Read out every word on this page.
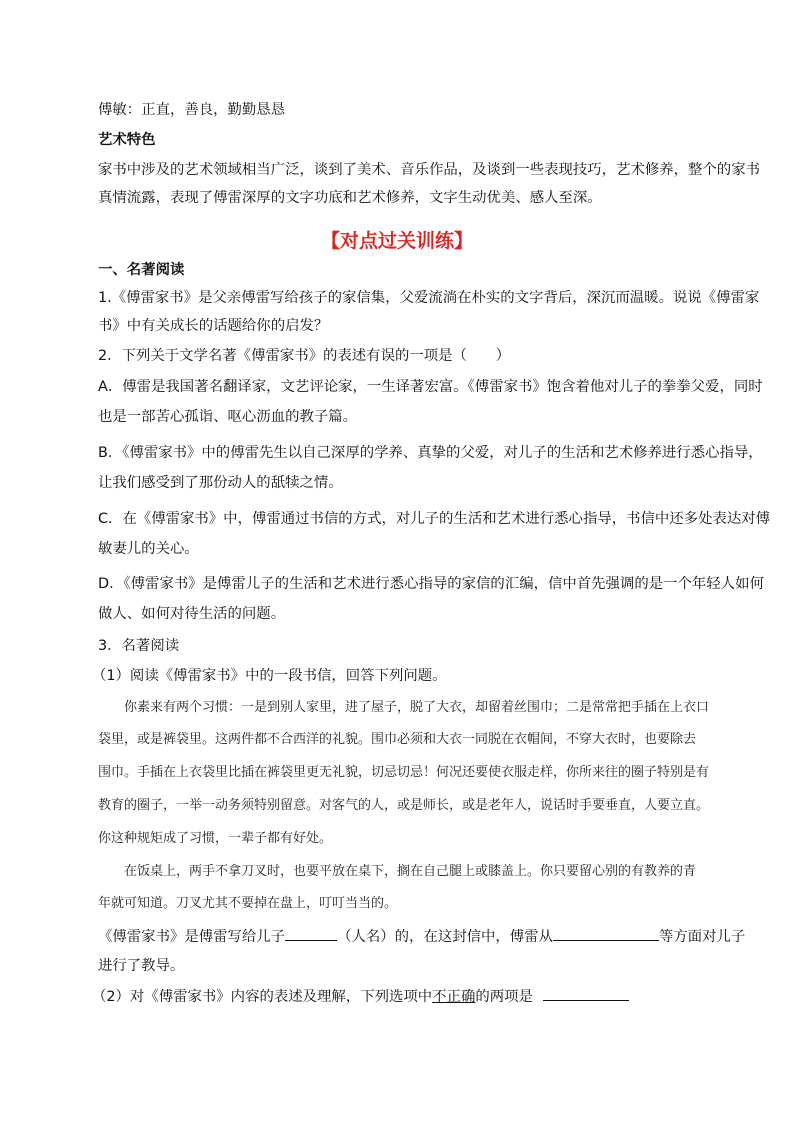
傅敏：正直，善良，勤勤恳恳
艺术特色
家书中涉及的艺术领域相当广泛，谈到了美术、音乐作品，及谈到一些表现技巧，艺术修养，整个的家书
真情流露，表现了傅雷深厚的文字功底和艺术修养，文字生动优美、感人至深。
【对点过关训练】
一、名著阅读
1.《傅雷家书》是父亲傅雷写给孩子的家信集，父爱流淌在朴实的文字背后，深沉而温暖。说说《傅雷家
书》中有关成长的话题给你的启发？
2．下列关于文学名著《傅雷家书》的表述有误的一项是（　　）
A．傅雷是我国著名翻译家，文艺评论家，一生译著宏富。《傅雷家书》饱含着他对儿子的拳拳父爱，同时
也是一部苦心孤诣、呕心沥血的教子篇。
B．《傅雷家书》中的傅雷先生以自己深厚的学养、真挚的父爱，对儿子的生活和艺术修养进行悉心指导，
让我们感受到了那份动人的舐犊之情。
C．在《傅雷家书》中，傅雷通过书信的方式，对儿子的生活和艺术进行悉心指导，书信中还多处表达对傅
敏妻儿的关心。
D．《傅雷家书》是傅雷儿子的生活和艺术进行悉心指导的家信的汇编，信中首先强调的是一个年轻人如何
做人、如何对待生活的问题。
3．名著阅读
（1）阅读《傅雷家书》中的一段书信，回答下列问题。
　　你素来有两个习惯：一是到别人家里，进了屋子，脱了大衣，却留着丝围巾；二是常常把手插在上衣口
袋里，或是裤袋里。这两件都不合西洋的礼貌。围巾必须和大衣一同脱在衣帽间，不穿大衣时，也要除去
围巾。手插在上衣袋里比插在裤袋里更无礼貌，切忌切忌！何况还要使衣服走样，你所来往的圈子特别是有
教育的圈子，一举一动务须特别留意。对客气的人，或是师长，或是老年人，说话时手要垂直，人要立直。
你这种规矩成了习惯，一辈子都有好处。
　　在饭桌上，两手不拿刀叉时，也要平放在桌下，搁在自己腿上或膝盖上。你只要留心别的有教养的青
年就可知道。刀叉尤其不要掉在盘上，叮叮当当的。
《傅雷家书》是傅雷写给儿子	（人名）的，在这封信中，傅雷从	等方面对儿子
进行了教导。
（2）对《傅雷家书》内容的表述及理解，下列选项中不正确的两项是
